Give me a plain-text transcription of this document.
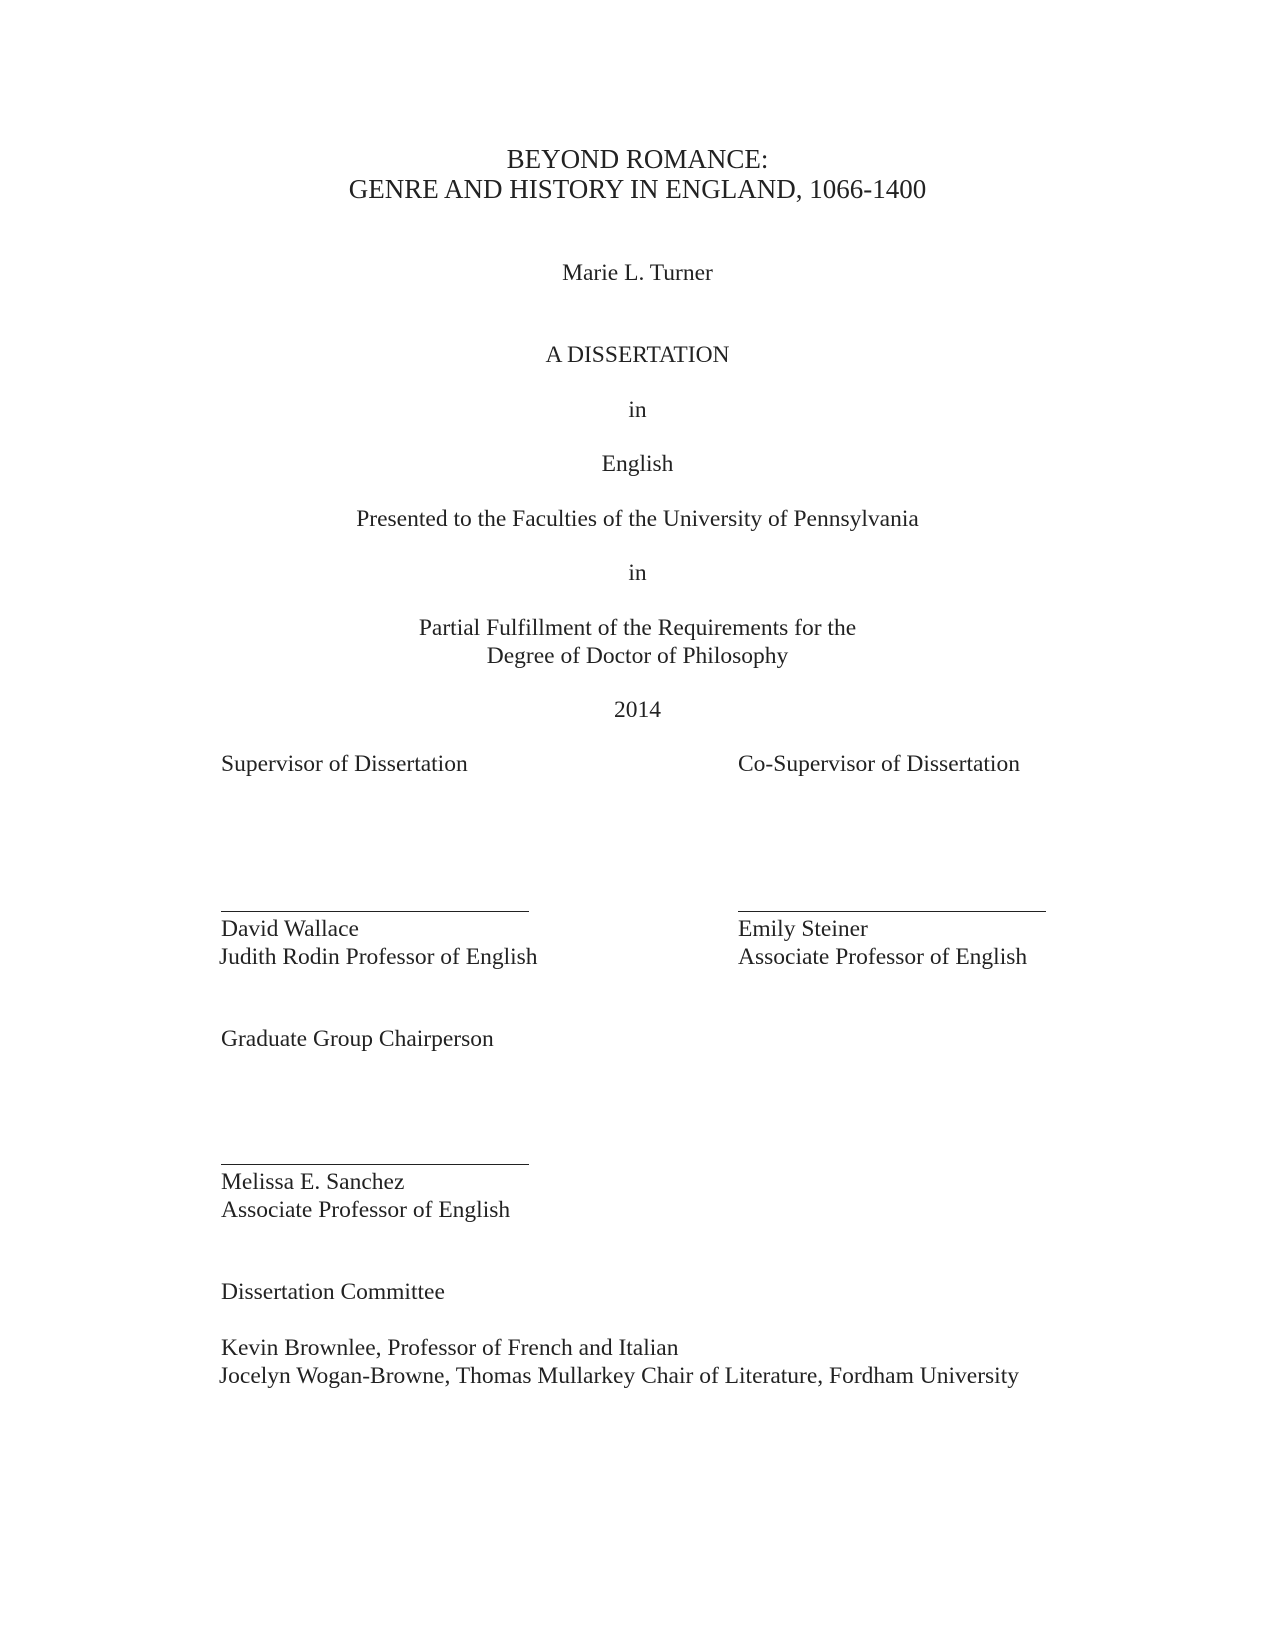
BEYOND ROMANCE:
GENRE AND HISTORY IN ENGLAND, 1066-1400
Marie L. Turner
A DISSERTATION
in
English
Presented to the Faculties of the University of Pennsylvania
in
Partial Fulfillment of the Requirements for the
Degree of Doctor of Philosophy
2014
Supervisor of Dissertation
David Wallace
Judith Rodin Professor of English
Co-Supervisor of Dissertation
Emily Steiner
Associate Professor of English
Graduate Group Chairperson
Melissa E. Sanchez
Associate Professor of English
Dissertation Committee
Kevin Brownlee, Professor of French and Italian
Jocelyn Wogan-Browne, Thomas Mullarkey Chair of Literature, Fordham University
